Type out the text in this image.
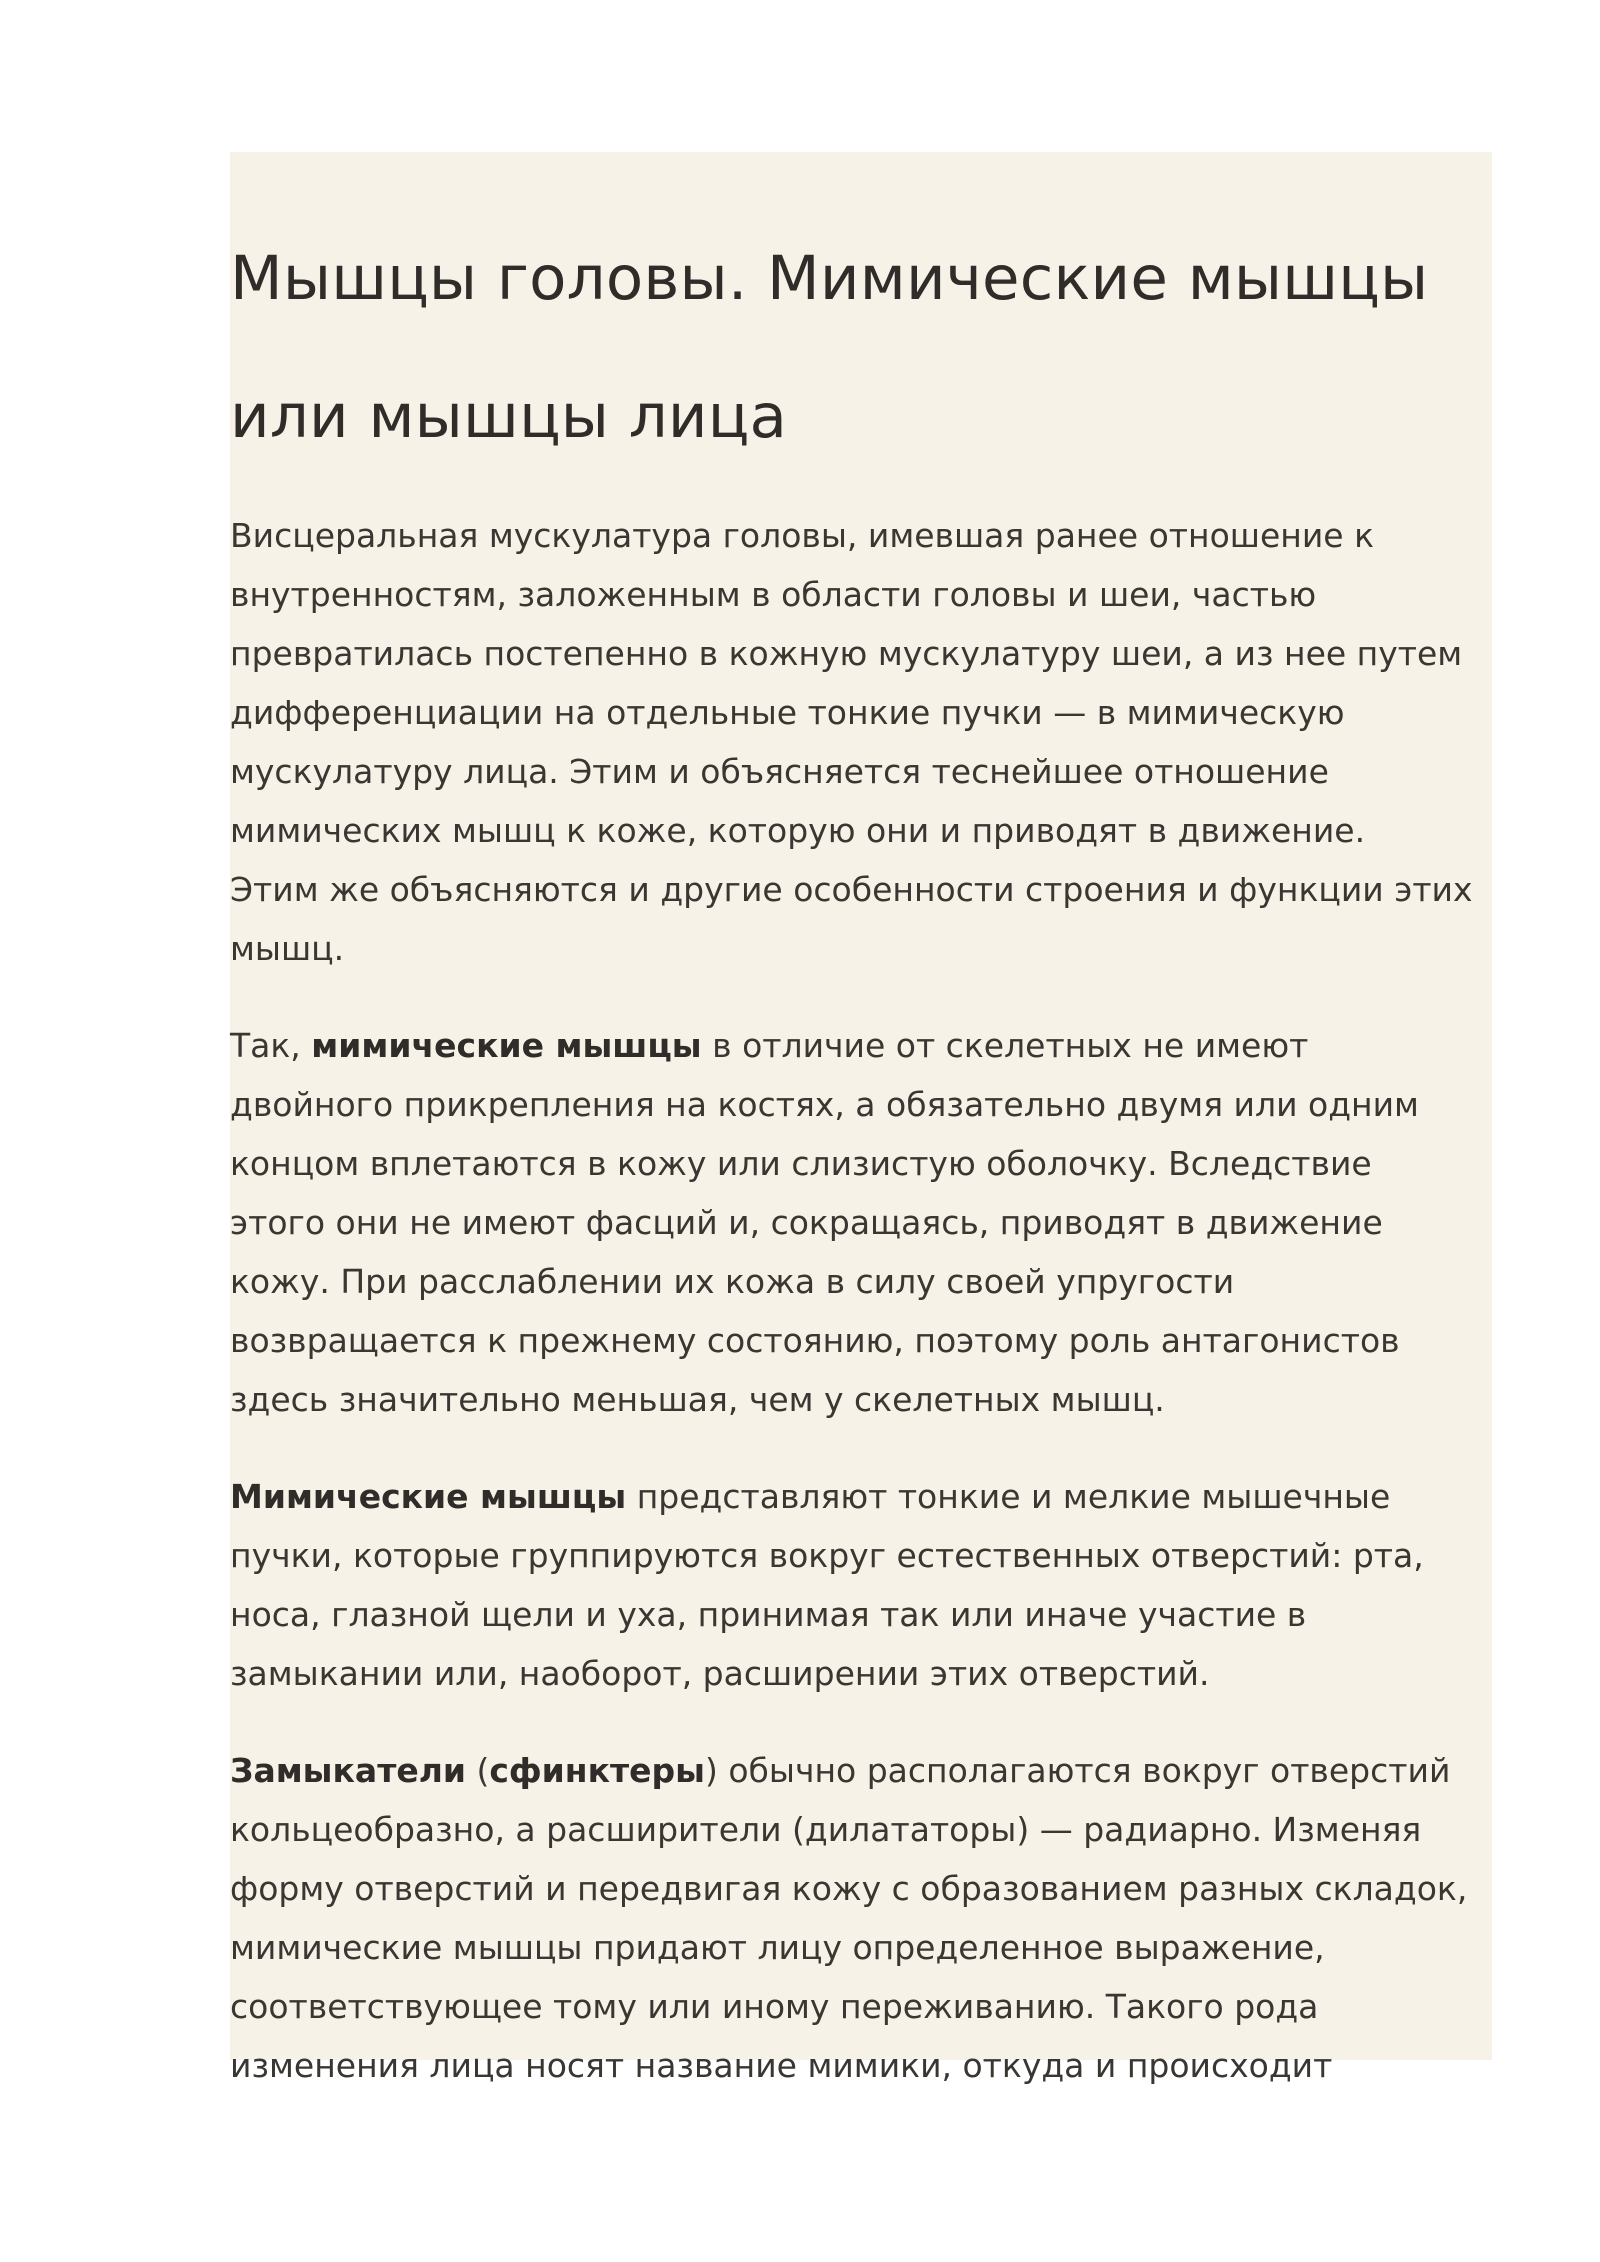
Мышцы головы. Мимические мышцы
или мышцы лица

Висцеральная мускулатура головы, имевшая ранее отношение к
внутренностям, заложенным в области головы и шеи, частью
превратилась постепенно в кожную мускулатуру шеи, а из нее путем
дифференциации на отдельные тонкие пучки — в мимическую
мускулатуру лица. Этим и объясняется теснейшее отношение
мимических мышц к коже, которую они и приводят в движение.
Этим же объясняются и другие особенности строения и функции этих
мышц.

Так, мимические мышцы в отличие от скелетных не имеют
двойного прикрепления на костях, а обязательно двумя или одним
концом вплетаются в кожу или слизистую оболочку. Вследствие
этого они не имеют фасций и, сокращаясь, приводят в движение
кожу. При расслаблении их кожа в силу своей упругости
возвращается к прежнему состоянию, поэтому роль антагонистов
здесь значительно меньшая, чем у скелетных мышц.

Мимические мышцы представляют тонкие и мелкие мышечные
пучки, которые группируются вокруг естественных отверстий: рта,
носа, глазной щели и уха, принимая так или иначе участие в
замыкании или, наоборот, расширении этих отверстий.

Замыкатели (сфинктеры) обычно располагаются вокруг отверстий
кольцеобразно, а расширители (дилататоры) — радиарно. Изменяя
форму отверстий и передвигая кожу с образованием разных складок,
мимические мышцы придают лицу определенное выражение,
соответствующее тому или иному переживанию. Такого рода
изменения лица носят название мимики, откуда и происходит
